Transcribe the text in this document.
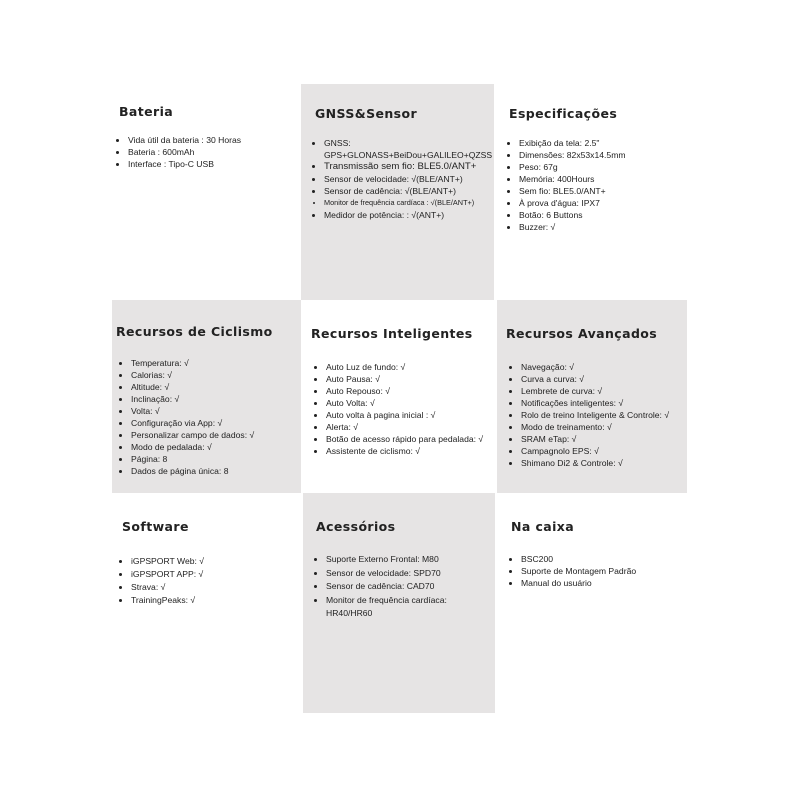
Bateria
• Vida útil da bateria : 30 Horas
• Bateria : 600mAh
• Interface : Tipo-C USB
GNSS&Sensor
• GNSS:
GPS+GLONASS+BeiDou+GALILEO+QZSS
• Transmissão sem fio: BLE5.0/ANT+
• Sensor de velocidade: √(BLE/ANT+)
• Sensor de cadência: √(BLE/ANT+)
• Monitor de frequência cardíaca : √(BLE/ANT+)
• Medidor de potência: : √(ANT+)
Especificações
• Exibição da tela: 2.5"
• Dimensões: 82x53x14.5mm
• Peso: 67g
• Memória: 400Hours
• Sem fio: BLE5.0/ANT+
• À prova d'água: IPX7
• Botão: 6 Buttons
• Buzzer: √
Recursos de Ciclismo
• Temperatura: √
• Calorias: √
• Altitude: √
• Inclinação: √
• Volta: √
• Configuração via App: √
• Personalizar campo de dados: √
• Modo de pedalada: √
• Página: 8
• Dados de página única: 8
Recursos Inteligentes
• Auto Luz de fundo: √
• Auto Pausa: √
• Auto Repouso: √
• Auto Volta: √
• Auto volta à pagina inicial : √
• Alerta: √
• Botão de acesso rápido para pedalada: √
• Assistente de ciclismo: √
Recursos Avançados
• Navegação: √
• Curva a curva: √
• Lembrete de curva: √
• Notificações inteligentes: √
• Rolo de treino Inteligente & Controle: √
• Modo de treinamento: √
• SRAM eTap: √
• Campagnolo EPS: √
• Shimano Di2 & Controle: √
Software
• iGPSPORT Web: √
• iGPSPORT APP: √
• Strava: √
• TrainingPeaks: √
Acessórios
• Suporte Externo Frontal: M80
• Sensor de velocidade: SPD70
• Sensor de cadência: CAD70
• Monitor de frequência cardíaca: HR40/HR60
Na caixa
• BSC200
• Suporte de Montagem Padrão
• Manual do usuário
